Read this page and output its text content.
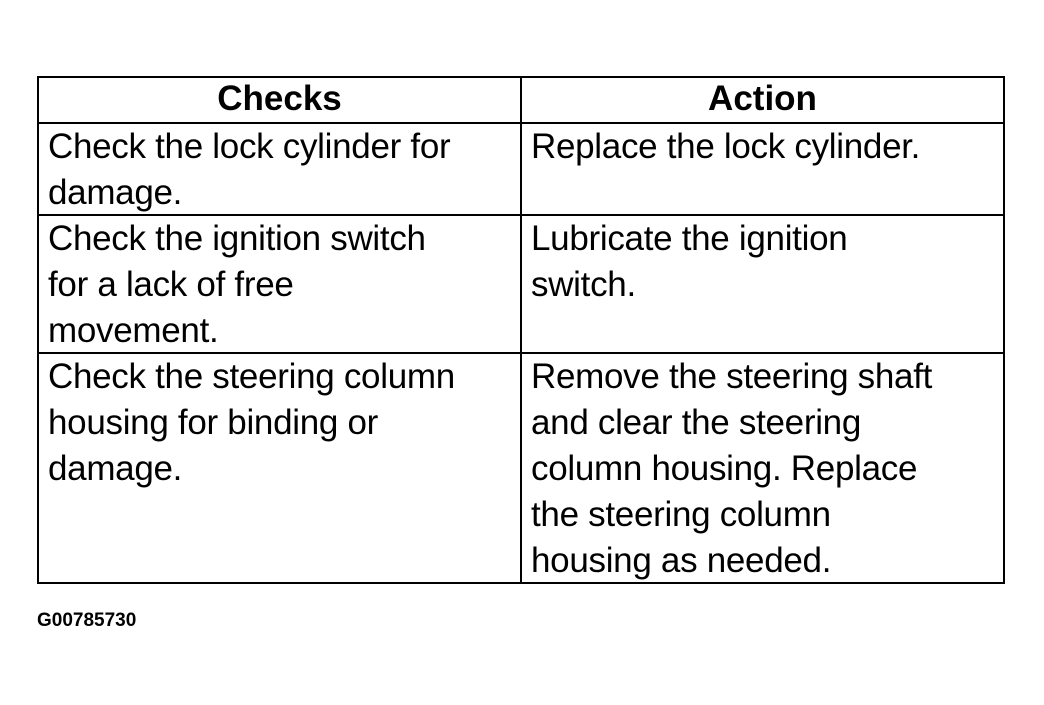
Checks	Action
Check the lock cylinder for
damage.
Replace the lock cylinder.
Check the ignition switch
for a lack of free
movement.
Lubricate the ignition
switch.
Check the steering column
housing for binding or
damage.
Remove the steering shaft
and clear the steering
column housing. Replace
the steering column
housing as needed.
G00785730
